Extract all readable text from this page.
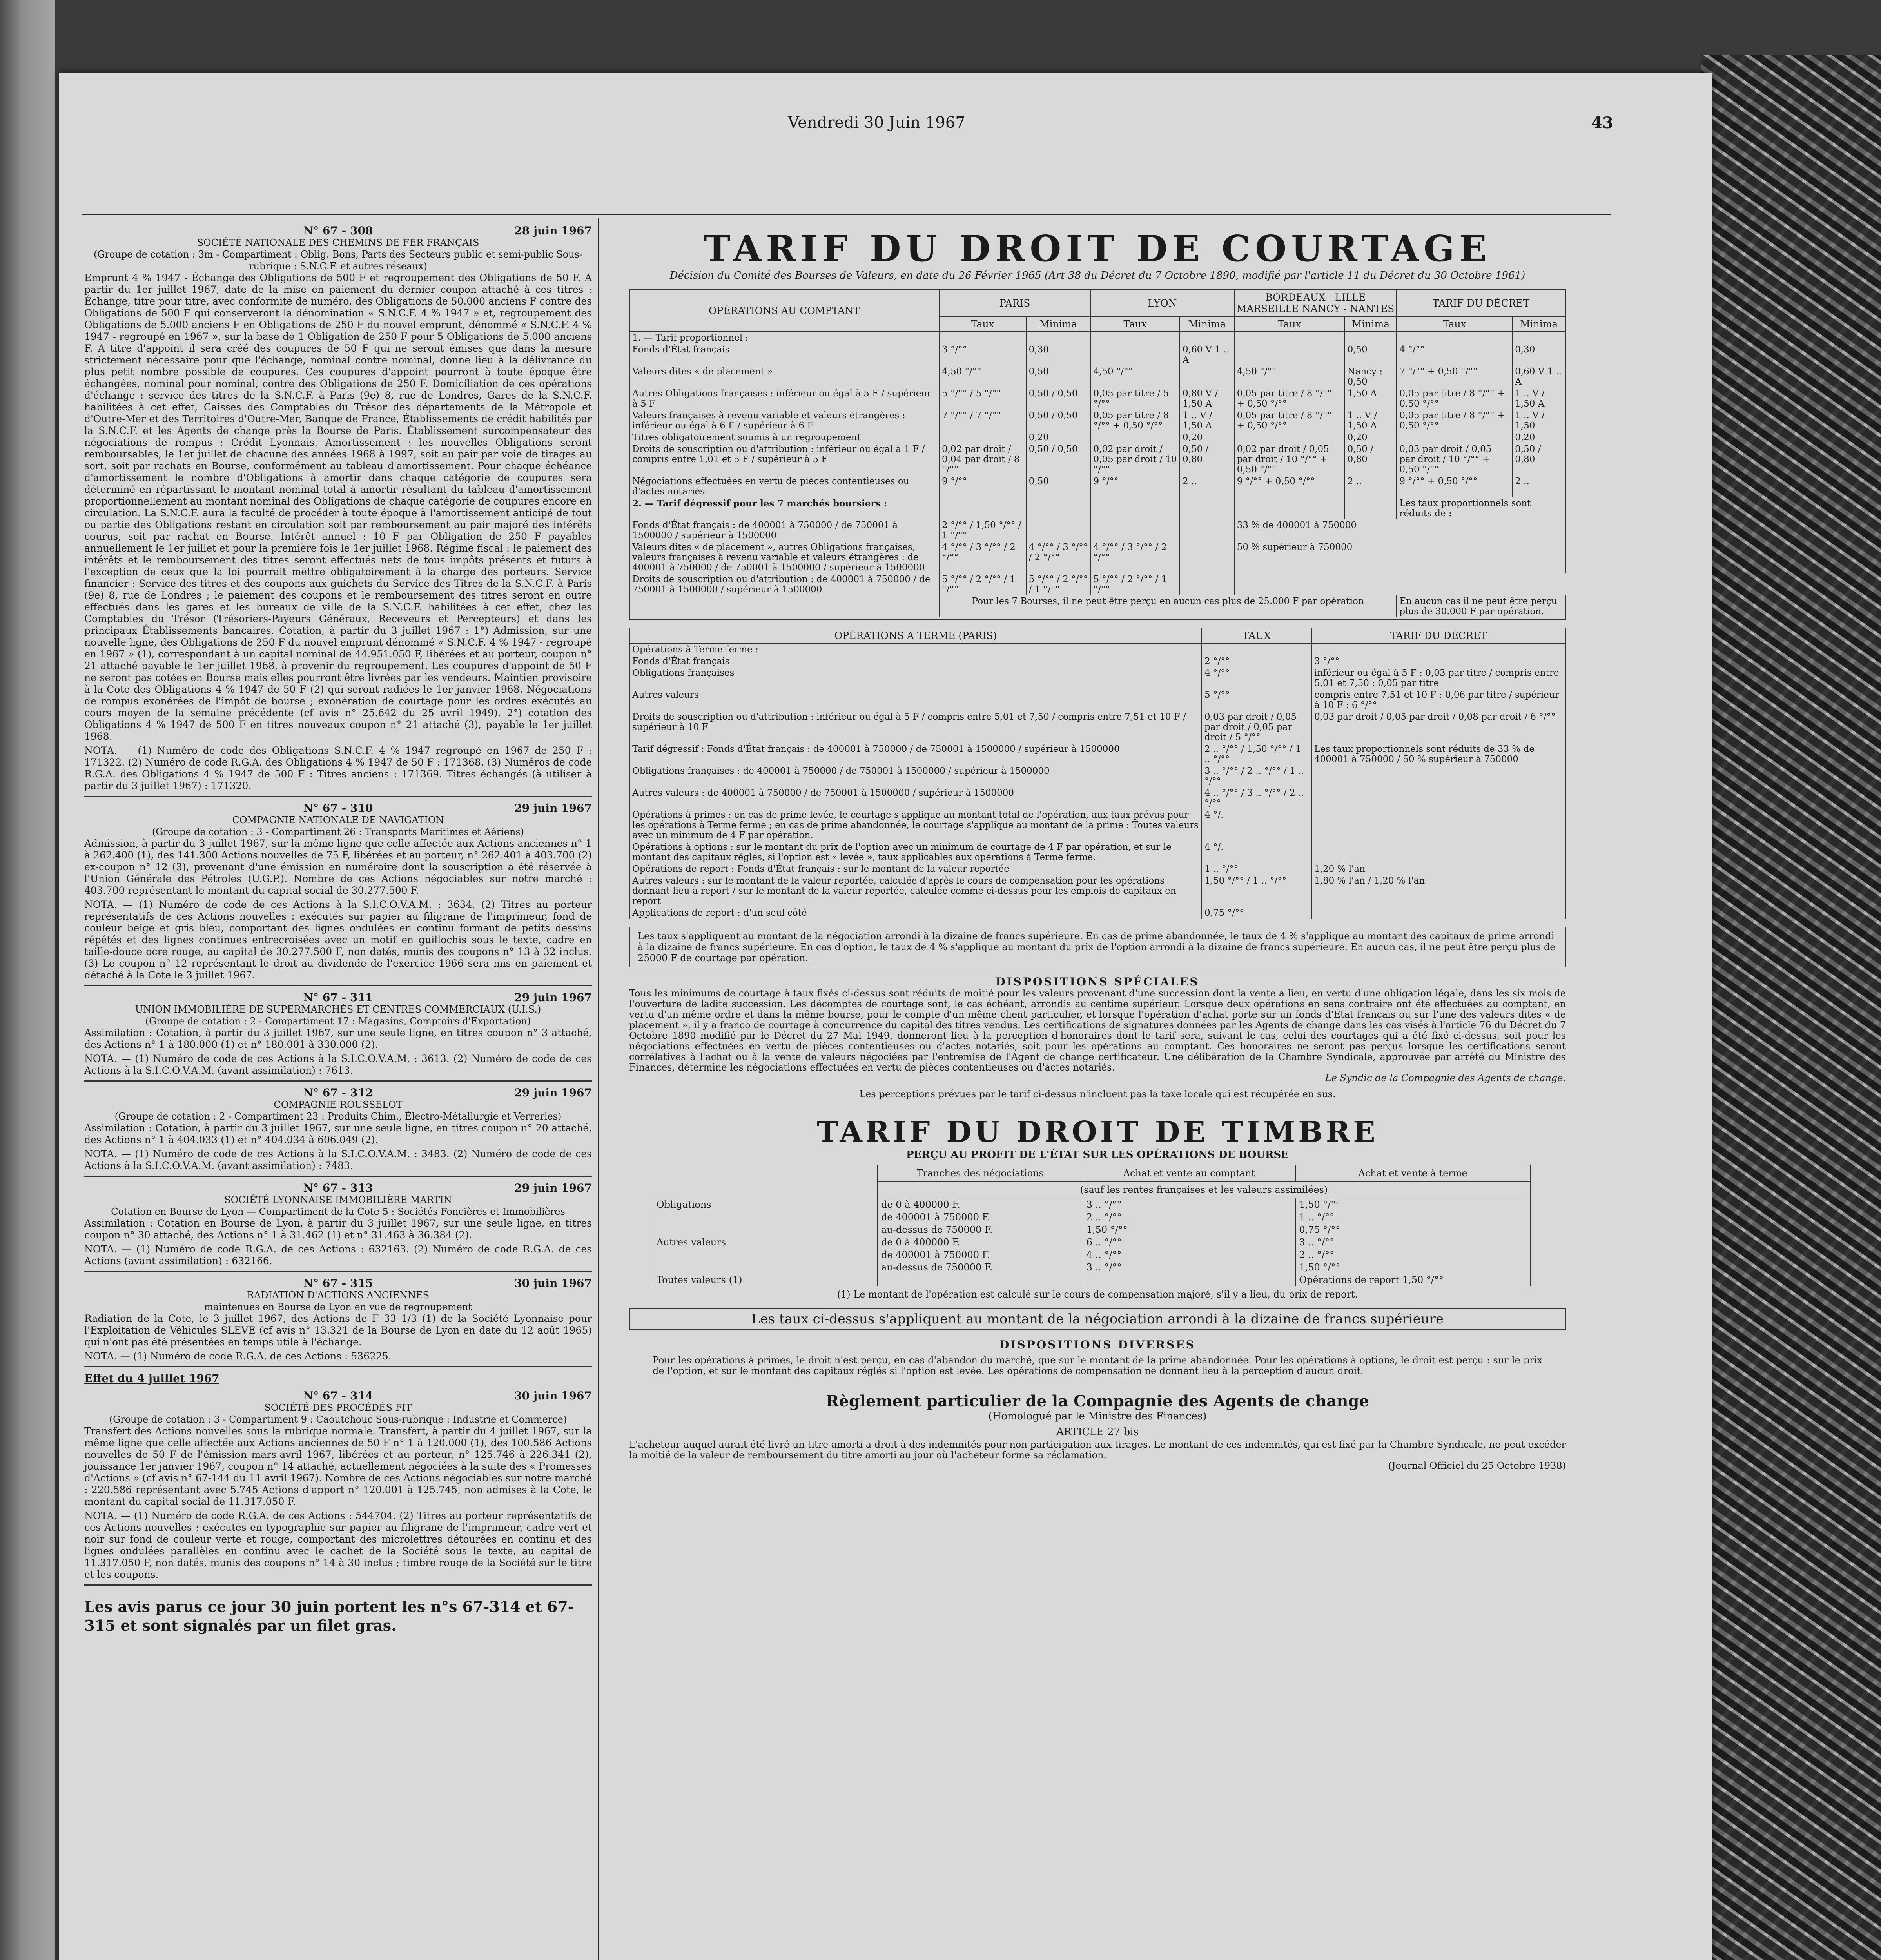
Vendredi 30 Juin 1967	43
N° 67 - 308	28 juin 1967
SOCIÉTÉ NATIONALE DES CHEMINS DE FER FRANÇAIS
(Groupe de cotation : 3m - Compartiment : Oblig. Bons, Parts des Secteurs public et semi-public Sous-rubrique : S.N.C.F. et autres réseaux)

Emprunt 4 % 1947 - Échange des Obligations de 500 F et regroupement des Obligations de 50 F. A partir du 1er juillet 1967, date de la mise en paiement du dernier coupon attaché à ces titres : Échange, titre pour titre, avec conformité de numéro, des Obligations de 50.000 anciens F contre des Obligations de 500 F qui conserveront la dénomination « S.N.C.F. 4 % 1947 » et, regroupement des Obligations de 5.000 anciens F en Obligations de 250 F du nouvel emprunt, dénommé « S.N.C.F. 4 % 1947 - regroupé en 1967 », sur la base de 1 Obligation de 250 F pour 5 Obligations de 5.000 anciens F. A titre d'appoint il sera créé des coupures de 50 F qui ne seront émises que dans la mesure strictement nécessaire pour que l'échange, nominal contre nominal, donne lieu à la délivrance du plus petit nombre possible de coupures. Ces coupures d'appoint pourront à toute époque être échangées, nominal pour nominal, contre des Obligations de 250 F. Domiciliation de ces opérations d'échange : service des titres de la S.N.C.F. à Paris (9e) 8, rue de Londres, Gares de la S.N.C.F. habilitées à cet effet, Caisses des Comptables du Trésor des départements de la Métropole et d'Outre-Mer et des Territoires d'Outre-Mer, Banque de France, Établissements de crédit habilités par la S.N.C.F. et les Agents de change près la Bourse de Paris. Établissement surcompensateur des négociations de rompus : Crédit Lyonnais. Amortissement : les nouvelles Obligations seront remboursables, le 1er juillet de chacune des années 1968 à 1997, soit au pair par voie de tirages au sort, soit par rachats en Bourse, conformément au tableau d'amortissement. Pour chaque échéance d'amortissement le nombre d'Obligations à amortir dans chaque catégorie de coupures sera déterminé en répartissant le montant nominal total à amortir résultant du tableau d'amortissement proportionnellement au montant nominal des Obligations de chaque catégorie de coupures encore en circulation. La S.N.C.F. aura la faculté de procéder à toute époque à l'amortissement anticipé de tout ou partie des Obligations restant en circulation soit par remboursement au pair majoré des intérêts courus, soit par rachat en Bourse. Intérêt annuel : 10 F par Obligation de 250 F payables annuellement le 1er juillet et pour la première fois le 1er juillet 1968. Régime fiscal : le paiement des intérêts et le remboursement des titres seront effectués nets de tous impôts présents et futurs à l'exception de ceux que la loi pourrait mettre obligatoirement à la charge des porteurs. Service financier : Service des titres et des coupons aux guichets du Service des Titres de la S.N.C.F. à Paris (9e) 8, rue de Londres ; le paiement des coupons et le remboursement des titres seront en outre effectués dans les gares et les bureaux de ville de la S.N.C.F. habilitées à cet effet, chez les Comptables du Trésor (Trésoriers-Payeurs Généraux, Receveurs et Percepteurs) et dans les principaux Établissements bancaires. Cotation, à partir du 3 juillet 1967 : 1°) Admission, sur une nouvelle ligne, des Obligations de 250 F du nouvel emprunt dénommé « S.N.C.F. 4 % 1947 - regroupé en 1967 » (1), correspondant à un capital nominal de 44.951.050 F, libérées et au porteur, coupon n° 21 attaché payable le 1er juillet 1968, à provenir du regroupement. Les coupures d'appoint de 50 F ne seront pas cotées en Bourse mais elles pourront être livrées par les vendeurs. Maintien provisoire à la Cote des Obligations 4 % 1947 de 50 F (2) qui seront radiées le 1er janvier 1968. Négociations de rompus exonérées de l'impôt de bourse ; exonération de courtage pour les ordres exécutés au cours moyen de la semaine précédente (cf avis n° 25.642 du 25 avril 1949). 2°) cotation des Obligations 4 % 1947 de 500 F en titres nouveaux coupon n° 21 attaché (3), payable le 1er juillet 1968.

NOTA. — (1) Numéro de code des Obligations S.N.C.F. 4 % 1947 regroupé en 1967 de 250 F : 171322. (2) Numéro de code R.G.A. des Obligations 4 % 1947 de 50 F : 171368. (3) Numéros de code R.G.A. des Obligations 4 % 1947 de 500 F : Titres anciens : 171369. Titres échangés (à utiliser à partir du 3 juillet 1967) : 171320.

N° 67 - 310	29 juin 1967
COMPAGNIE NATIONALE DE NAVIGATION
(Groupe de cotation : 3 - Compartiment 26 : Transports Maritimes et Aériens)

Admission, à partir du 3 juillet 1967, sur la même ligne que celle affectée aux Actions anciennes n° 1 à 262.400 (1), des 141.300 Actions nouvelles de 75 F, libérées et au porteur, n° 262.401 à 403.700 (2) ex-coupon n° 12 (3), provenant d'une émission en numéraire dont la souscription a été réservée à l'Union Générale des Pétroles (U.G.P.). Nombre de ces Actions négociables sur notre marché : 403.700 représentant le montant du capital social de 30.277.500 F.

NOTA. — (1) Numéro de code de ces Actions à la S.I.C.O.V.A.M. : 3634. (2) Titres au porteur représentatifs de ces Actions nouvelles : exécutés sur papier au filigrane de l'imprimeur, fond de couleur beige et gris bleu, comportant des lignes ondulées en continu formant de petits dessins répétés et des lignes continues entrecroisées avec un motif en guillochis sous le texte, cadre en taille-douce ocre rouge, au capital de 30.277.500 F, non datés, munis des coupons n° 13 à 32 inclus. (3) Le coupon n° 12 représentant le droit au dividende de l'exercice 1966 sera mis en paiement et détaché à la Cote le 3 juillet 1967.

N° 67 - 311	29 juin 1967
UNION IMMOBILIÈRE DE SUPERMARCHÉS ET CENTRES COMMERCIAUX (U.I.S.)
(Groupe de cotation : 2 - Compartiment 17 : Magasins, Comptoirs d'Exportation)

Assimilation : Cotation, à partir du 3 juillet 1967, sur une seule ligne, en titres coupon n° 3 attaché, des Actions n° 1 à 180.000 (1) et n° 180.001 à 330.000 (2).

NOTA. — (1) Numéro de code de ces Actions à la S.I.C.O.V.A.M. : 3613. (2) Numéro de code de ces Actions à la S.I.C.O.V.A.M. (avant assimilation) : 7613.

N° 67 - 312	29 juin 1967
COMPAGNIE ROUSSELOT
(Groupe de cotation : 2 - Compartiment 23 : Produits Chim., Électro-Métallurgie et Verreries)

Assimilation : Cotation, à partir du 3 juillet 1967, sur une seule ligne, en titres coupon n° 20 attaché, des Actions n° 1 à 404.033 (1) et n° 404.034 à 606.049 (2).

NOTA. — (1) Numéro de code de ces Actions à la S.I.C.O.V.A.M. : 3483. (2) Numéro de code de ces Actions à la S.I.C.O.V.A.M. (avant assimilation) : 7483.

N° 67 - 313	29 juin 1967
SOCIÉTÉ LYONNAISE IMMOBILIÈRE MARTIN
Cotation en Bourse de Lyon — Compartiment de la Cote 5 : Sociétés Foncières et Immobilières

Assimilation : Cotation en Bourse de Lyon, à partir du 3 juillet 1967, sur une seule ligne, en titres coupon n° 30 attaché, des Actions n° 1 à 31.462 (1) et n° 31.463 à 36.384 (2).

NOTA. — (1) Numéro de code R.G.A. de ces Actions : 632163. (2) Numéro de code R.G.A. de ces Actions (avant assimilation) : 632166.

N° 67 - 315	30 juin 1967
RADIATION D'ACTIONS ANCIENNES
maintenues en Bourse de Lyon en vue de regroupement

Radiation de la Cote, le 3 juillet 1967, des Actions de F 33 1/3 (1) de la Société Lyonnaise pour l'Exploitation de Véhicules SLEVE (cf avis n° 13.321 de la Bourse de Lyon en date du 12 août 1965) qui n'ont pas été présentées en temps utile à l'échange.

NOTA. — (1) Numéro de code R.G.A. de ces Actions : 536225.

Effet du 4 juillet 1967
N° 67 - 314	30 juin 1967
SOCIÉTÉ DES PROCÉDÉS FIT
(Groupe de cotation : 3 - Compartiment 9 : Caoutchouc Sous-rubrique : Industrie et Commerce)

Transfert des Actions nouvelles sous la rubrique normale. Transfert, à partir du 4 juillet 1967, sur la même ligne que celle affectée aux Actions anciennes de 50 F n° 1 à 120.000 (1), des 100.586 Actions nouvelles de 50 F de l'émission mars-avril 1967, libérées et au porteur, n° 125.746 à 226.341 (2), jouissance 1er janvier 1967, coupon n° 14 attaché, actuellement négociées à la suite des « Promesses d'Actions » (cf avis n° 67-144 du 11 avril 1967). Nombre de ces Actions négociables sur notre marché : 220.586 représentant avec 5.745 Actions d'apport n° 120.001 à 125.745, non admises à la Cote, le montant du capital social de 11.317.050 F.

NOTA. — (1) Numéro de code R.G.A. de ces Actions : 544704. (2) Titres au porteur représentatifs de ces Actions nouvelles : exécutés en typographie sur papier au filigrane de l'imprimeur, cadre vert et noir sur fond de couleur verte et rouge, comportant des microlettres détourées en continu et des lignes ondulées parallèles en continu avec le cachet de la Société sous le texte, au capital de 11.317.050 F, non datés, munis des coupons n° 14 à 30 inclus ; timbre rouge de la Société sur le titre et les coupons.

Les avis parus ce jour 30 juin portent les n°s 67-314 et 67-315 et sont signalés par un filet gras.
TARIF DU DROIT DE COURTAGE
Décision du Comité des Bourses de Valeurs, en date du 26 Février 1965 (Art 38 du Décret du 7 Octobre 1890, modifié par l'article 11 du Décret du 30 Octobre 1961)
OPÉRATIONS AU COMPTANT	PARIS		LYON		BORDEAUX - LILLE MARSEILLE NANCY - NANTES		TARIF DU DÉCRET	
	Taux	Minima	Taux	Minima	Taux	Minima	Taux	Minima
1. — Tarif proportionnel :								
Fonds d'État français	3 °/°°	0,30		0,60 V 1 .. A		0,50	4 °/°°	0,30
Valeurs dites « de placement »	4,50 °/°°	0,50	4,50 °/°°		4,50 °/°°	Nancy : 0,50	7 °/°° + 0,50 °/°°	0,60 V 1 .. A
Autres Obligations françaises : inférieur ou égal à 5 F / supérieur à 5 F	5 °/°° / 5 °/°°	0,50 / 0,50	0,05 par titre / 5 °/°°	0,80 V / 1,50 A	0,05 par titre / 8 °/°° + 0,50 °/°°	1,50 A	0,05 par titre / 8 °/°° + 0,50 °/°°	1 .. V / 1,50 A
Valeurs françaises à revenu variable et valeurs étrangères : inférieur ou égal à 6 F / supérieur à 6 F	7 °/°° / 7 °/°°	0,50 / 0,50	0,05 par titre / 8 °/°° + 0,50 °/°°	1 .. V / 1,50 A	0,05 par titre / 8 °/°° + 0,50 °/°°	1 .. V / 1,50 A	0,05 par titre / 8 °/°° + 0,50 °/°°	1 .. V / 1,50
Titres obligatoirement soumis à un regroupement		0,20		0,20		0,20		0,20
Droits de souscription ou d'attribution : inférieur ou égal à 1 F / compris entre 1,01 et 5 F / supérieur à 5 F	0,02 par droit / 0,04 par droit / 8 °/°°	0,50 / 0,50	0,02 par droit / 0,05 par droit / 10 °/°°	0,50 / 0,80	0,02 par droit / 0,05 par droit / 10 °/°° + 0,50 °/°°	0,50 / 0,80	0,03 par droit / 0,05 par droit / 10 °/°° + 0,50 °/°°	0,50 / 0,80
Négociations effectuées en vertu de pièces contentieuses ou d'actes notariés	9 °/°°	0,50	9 °/°°	2 ..	9 °/°° + 0,50 °/°°	2 ..	9 °/°° + 0,50 °/°°	2 ..
2. — Tarif dégressif pour les 7 marchés boursiers :							Les taux proportionnels sont réduits de :	
Fonds d'État français : de 400001 à 750000 / de 750001 à 1500000 / supérieur à 1500000	2 °/°° / 1,50 °/°° / 1 °/°°				33 % de 400001 à 750000			
Valeurs dites « de placement », autres Obligations françaises, valeurs françaises à revenu variable et valeurs étrangères : de 400001 à 750000 / de 750001 à 1500000 / supérieur à 1500000	4 °/°° / 3 °/°° / 2 °/°°	4 °/°° / 3 °/°° / 2 °/°°	4 °/°° / 3 °/°° / 2 °/°°		50 % supérieur à 750000			
Droits de souscription ou d'attribution : de 400001 à 750000 / de 750001 à 1500000 / supérieur à 1500000	5 °/°° / 2 °/°° / 1 °/°°	5 °/°° / 2 °/°° / 1 °/°°	5 °/°° / 2 °/°° / 1 °/°°					
	Pour les 7 Bourses, il ne peut être perçu en aucun cas plus de 25.000 F par opération						En aucun cas il ne peut être perçu plus de 30.000 F par opération.	

OPÉRATIONS A TERME (PARIS)	TAUX	TARIF DU DÉCRET
Opérations à Terme ferme :		
Fonds d'État français	2 °/°°	3 °/°°
Obligations françaises	4 °/°°	inférieur ou égal à 5 F : 0,03 par titre / compris entre 5,01 et 7,50 : 0,05 par titre
Autres valeurs	5 °/°°	compris entre 7,51 et 10 F : 0,06 par titre / supérieur à 10 F : 6 °/°°
Droits de souscription ou d'attribution : inférieur ou égal à 5 F / compris entre 5,01 et 7,50 / compris entre 7,51 et 10 F / supérieur à 10 F	0,03 par droit / 0,05 par droit / 0,05 par droit / 5 °/°°	0,03 par droit / 0,05 par droit / 0,08 par droit / 6 °/°°
Tarif dégressif : Fonds d'État français : de 400001 à 750000 / de 750001 à 1500000 / supérieur à 1500000	2 .. °/°° / 1,50 °/°° / 1 .. °/°°	Les taux proportionnels sont réduits de 33 % de 400001 à 750000 / 50 % supérieur à 750000
Obligations françaises : de 400001 à 750000 / de 750001 à 1500000 / supérieur à 1500000	3 .. °/°° / 2 .. °/°° / 1 .. °/°°	
Autres valeurs : de 400001 à 750000 / de 750001 à 1500000 / supérieur à 1500000	4 .. °/°° / 3 .. °/°° / 2 .. °/°°	
Opérations à primes : en cas de prime levée, le courtage s'applique au montant total de l'opération, aux taux prévus pour les opérations à Terme ferme ; en cas de prime abandonnée, le courtage s'applique au montant de la prime : Toutes valeurs avec un minimum de 4 F par opération.	4 °/.	
Opérations à options : sur le montant du prix de l'option avec un minimum de courtage de 4 F par opération, et sur le montant des capitaux réglés, si l'option est « levée », taux applicables aux opérations à Terme ferme.	4 °/.	
Opérations de report : Fonds d'État français : sur le montant de la valeur reportée	1 .. °/°°	1,20 % l'an
Autres valeurs : sur le montant de la valeur reportée, calculée d'après le cours de compensation pour les opérations donnant lieu à report / sur le montant de la valeur reportée, calculée comme ci-dessus pour les emplois de capitaux en report	1,50 °/°° / 1 .. °/°°	1,80 % l'an / 1,20 % l'an
Applications de report : d'un seul côté	0,75 °/°°	
Les taux s'appliquent au montant de la négociation arrondi à la dizaine de francs supérieure. En cas de prime abandonnée, le taux de 4 % s'applique au montant des capitaux de prime arrondi à la dizaine de francs supérieure. En cas d'option, le taux de 4 % s'applique au montant du prix de l'option arrondi à la dizaine de francs supérieure. En aucun cas, il ne peut être perçu plus de 25000 F de courtage par opération.
DISPOSITIONS SPÉCIALES
Tous les minimums de courtage à taux fixés ci-dessus sont réduits de moitié pour les valeurs provenant d'une succession dont la vente a lieu, en vertu d'une obligation légale, dans les six mois de l'ouverture de ladite succession. Les décomptes de courtage sont, le cas échéant, arrondis au centime supérieur. Lorsque deux opérations en sens contraire ont été effectuées au comptant, en vertu d'un même ordre et dans la même bourse, pour le compte d'un même client particulier, et lorsque l'opération d'achat porte sur un fonds d'État français ou sur l'une des valeurs dites « de placement », il y a franco de courtage à concurrence du capital des titres vendus. Les certifications de signatures données par les Agents de change dans les cas visés à l'article 76 du Décret du 7 Octobre 1890 modifié par le Décret du 27 Mai 1949, donneront lieu à la perception d'honoraires dont le tarif sera, suivant le cas, celui des courtages qui a été fixé ci-dessus, soit pour les négociations effectuées en vertu de pièces contentieuses ou d'actes notariés, soit pour les opérations au comptant. Ces honoraires ne seront pas perçus lorsque les certifications seront corrélatives à l'achat ou à la vente de valeurs négociées par l'entremise de l'Agent de change certificateur. Une délibération de la Chambre Syndicale, approuvée par arrêté du Ministre des Finances, détermine les négociations effectuées en vertu de pièces contentieuses ou d'actes notariés.
Le Syndic de la Compagnie des Agents de change.
Les perceptions prévues par le tarif ci-dessus n'incluent pas la taxe locale qui est récupérée en sus.
TARIF DU DROIT DE TIMBRE
PERÇU AU PROFIT DE L'ÉTAT SUR LES OPÉRATIONS DE BOURSE
	Tranches des négociations	Achat et vente au comptant	Achat et vente à terme
	(sauf les rentes françaises et les valeurs assimilées)		
Obligations	de 0 à 400000 F.	3 .. °/°°	1,50 °/°°
	de 400001 à 750000 F.	2 .. °/°°	1 .. °/°°
	au-dessus de 750000 F.	1,50 °/°°	0,75 °/°°
Autres valeurs	de 0 à 400000 F.	6 .. °/°°	3 .. °/°°
	de 400001 à 750000 F.	4 .. °/°°	2 .. °/°°
	au-dessus de 750000 F.	3 .. °/°°	1,50 °/°°
Toutes valeurs (1)			Opérations de report 1,50 °/°°
(1) Le montant de l'opération est calculé sur le cours de compensation majoré, s'il y a lieu, du prix de report.
Les taux ci-dessus s'appliquent au montant de la négociation arrondi à la dizaine de francs supérieure
DISPOSITIONS DIVERSES
Pour les opérations à primes, le droit n'est perçu, en cas d'abandon du marché, que sur le montant de la prime abandonnée. Pour les opérations à options, le droit est perçu : sur le prix de l'option, et sur le montant des capitaux réglés si l'option est levée. Les opérations de compensation ne donnent lieu à la perception d'aucun droit.
Règlement particulier de la Compagnie des Agents de change
(Homologué par le Ministre des Finances)
ARTICLE 27 bis
L'acheteur auquel aurait été livré un titre amorti a droit à des indemnités pour non participation aux tirages. Le montant de ces indemnités, qui est fixé par la Chambre Syndicale, ne peut excéder la moitié de la valeur de remboursement du titre amorti au jour où l'acheteur forme sa réclamation.
(Journal Officiel du 25 Octobre 1938)
